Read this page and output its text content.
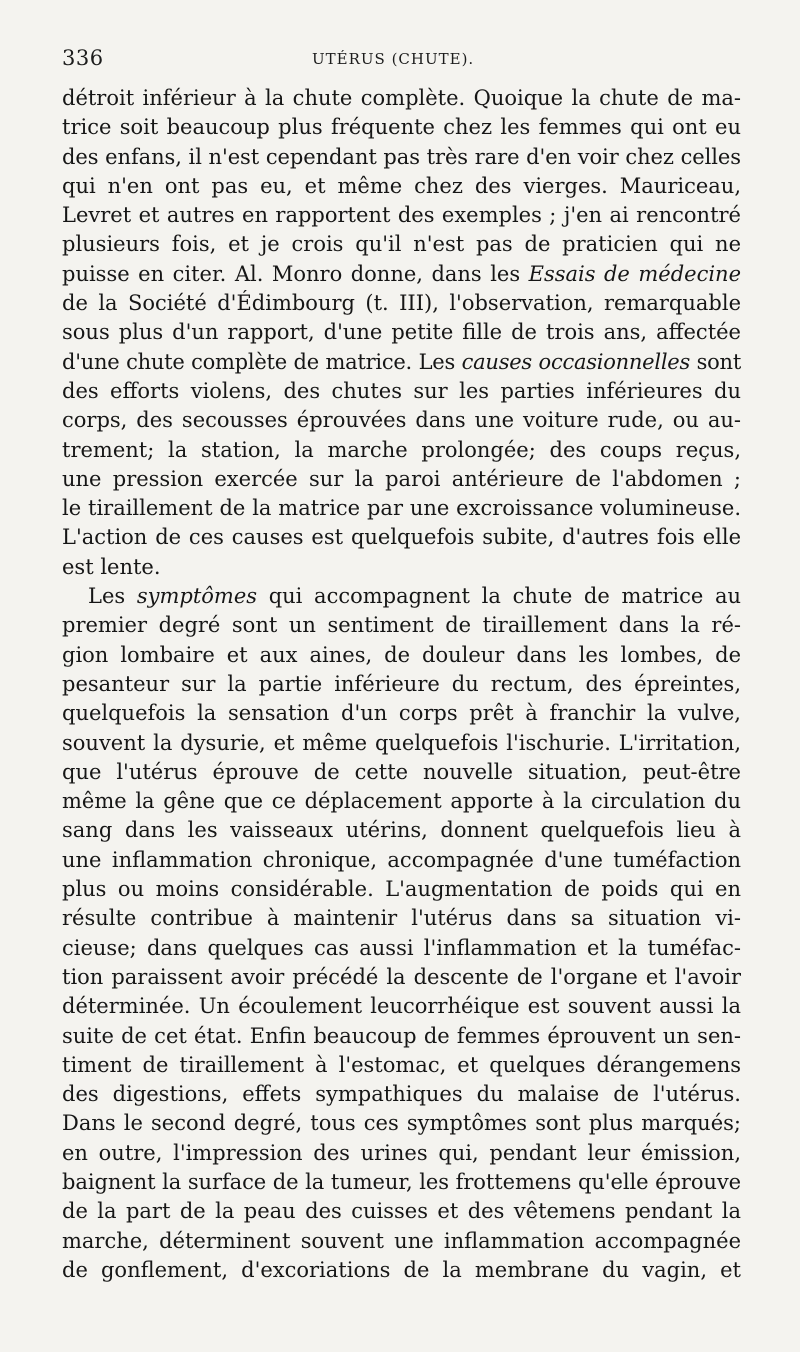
336	UTÉRUS (CHUTE).
détroit inférieur à la chute complète. Quoique la chute de ma-
trice soit beaucoup plus fréquente chez les femmes qui ont eu
des enfans, il n'est cependant pas très rare d'en voir chez celles
qui n'en ont pas eu, et même chez des vierges. Mauriceau,
Levret et autres en rapportent des exemples ; j'en ai rencontré
plusieurs fois, et je crois qu'il n'est pas de praticien qui ne
puisse en citer. Al. Monro donne, dans les Essais de médecine
de la Société d'Édimbourg (t. III), l'observation, remarquable
sous plus d'un rapport, d'une petite fille de trois ans, affectée
d'une chute complète de matrice. Les causes occasionnelles sont
des efforts violens, des chutes sur les parties inférieures du
corps, des secousses éprouvées dans une voiture rude, ou au-
trement; la station, la marche prolongée; des coups reçus,
une pression exercée sur la paroi antérieure de l'abdomen ;
le tiraillement de la matrice par une excroissance volumineuse.
L'action de ces causes est quelquefois subite, d'autres fois elle
est lente.
Les symptômes qui accompagnent la chute de matrice au
premier degré sont un sentiment de tiraillement dans la ré-
gion lombaire et aux aines, de douleur dans les lombes, de
pesanteur sur la partie inférieure du rectum, des épreintes,
quelquefois la sensation d'un corps prêt à franchir la vulve,
souvent la dysurie, et même quelquefois l'ischurie. L'irritation,
que l'utérus éprouve de cette nouvelle situation, peut-être
même la gêne que ce déplacement apporte à la circulation du
sang dans les vaisseaux utérins, donnent quelquefois lieu à
une inflammation chronique, accompagnée d'une tuméfaction
plus ou moins considérable. L'augmentation de poids qui en
résulte contribue à maintenir l'utérus dans sa situation vi-
cieuse; dans quelques cas aussi l'inflammation et la tuméfac-
tion paraissent avoir précédé la descente de l'organe et l'avoir
déterminée. Un écoulement leucorrhéique est souvent aussi la
suite de cet état. Enfin beaucoup de femmes éprouvent un sen-
timent de tiraillement à l'estomac, et quelques dérangemens
des digestions, effets sympathiques du malaise de l'utérus.
Dans le second degré, tous ces symptômes sont plus marqués;
en outre, l'impression des urines qui, pendant leur émission,
baignent la surface de la tumeur, les frottemens qu'elle éprouve
de la part de la peau des cuisses et des vêtemens pendant la
marche, déterminent souvent une inflammation accompagnée
de gonflement, d'excoriations de la membrane du vagin, et
